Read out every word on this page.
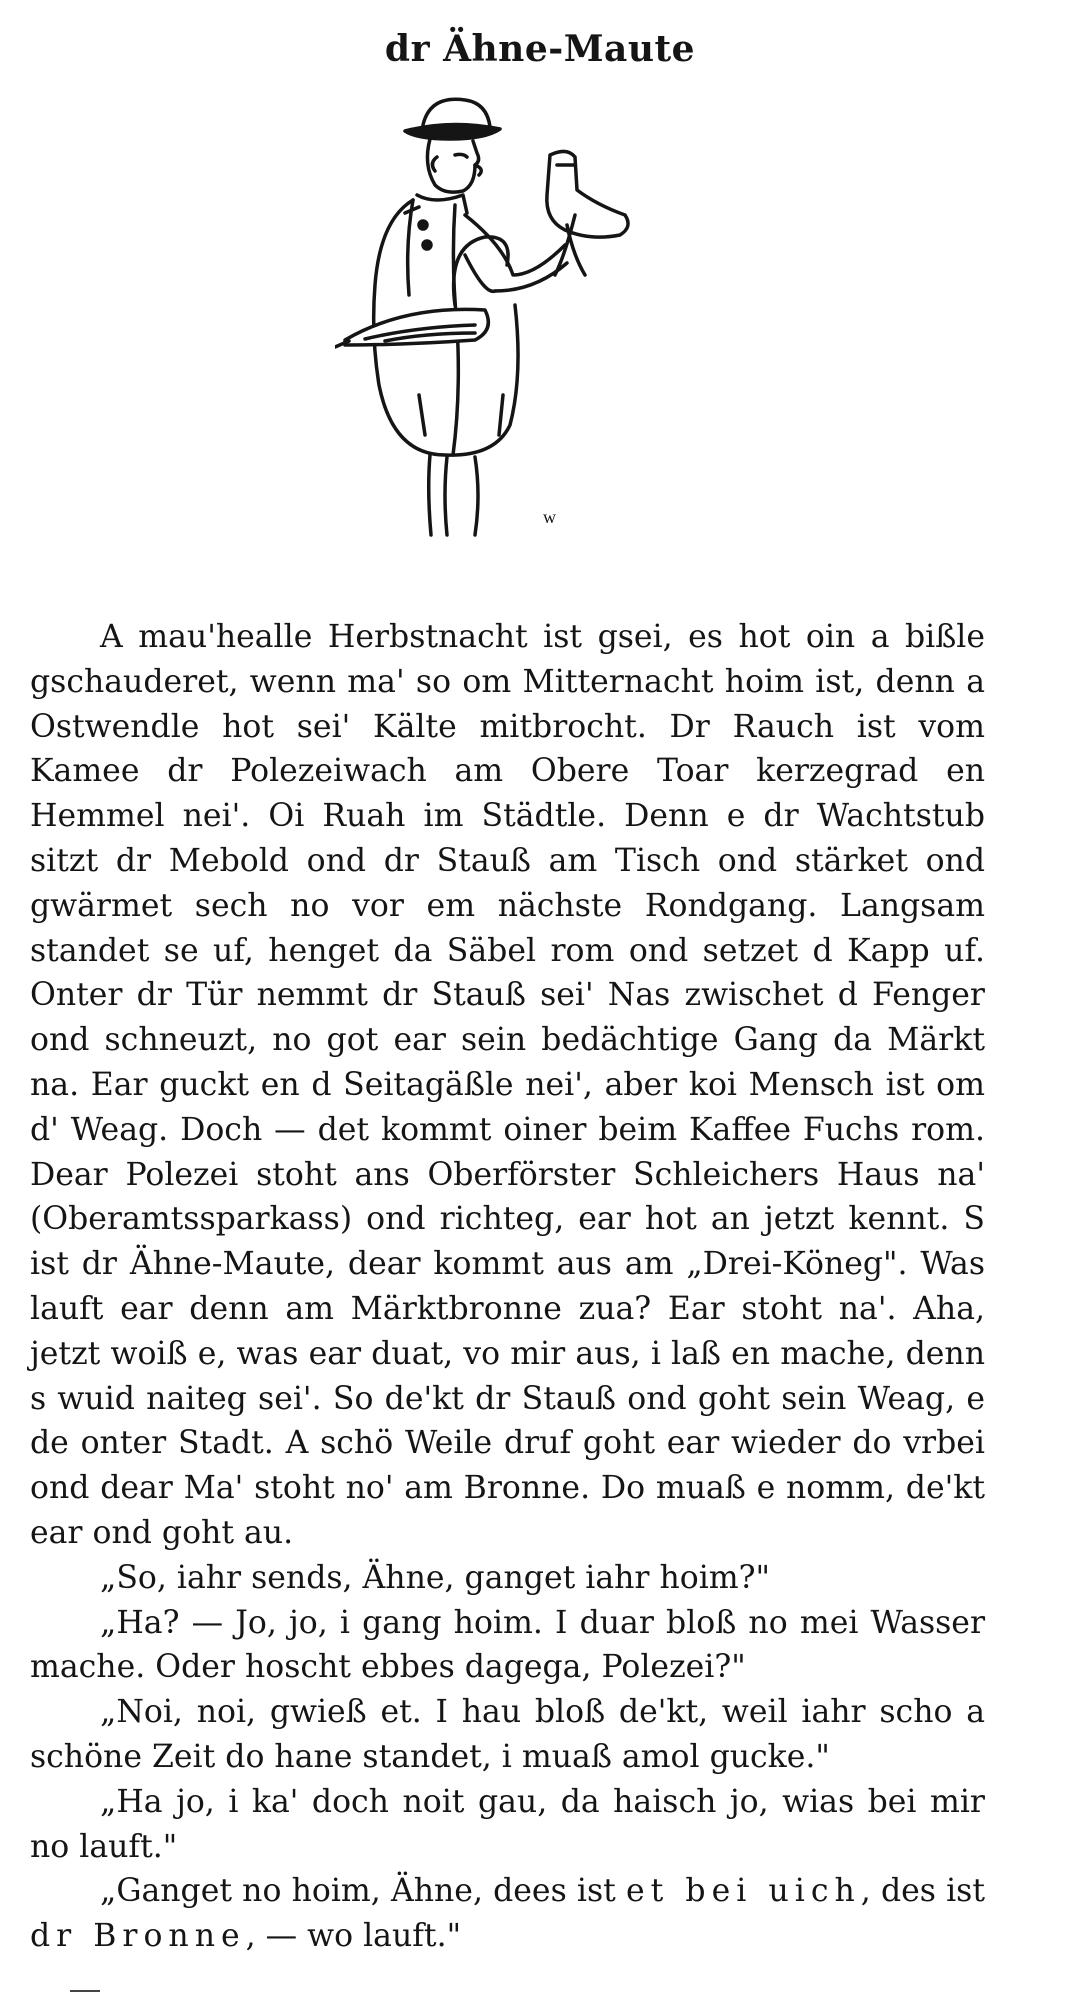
dr Ähne-Maute
w

A mau'healle Herbstnacht ist gsei, es hot oin a bißle gschauderet, wenn ma' so om Mitternacht hoim ist, denn a Ostwendle hot sei' Kälte mitbrocht. Dr Rauch ist vom Kamee dr Polezeiwach am Obere Toar kerzegrad en Hemmel nei'. Oi Ruah im Städtle. Denn e dr Wachtstub sitzt dr Mebold ond dr Stauß am Tisch ond stärket ond gwärmet sech no vor em nächste Rondgang. Langsam standet se uf, henget da Säbel rom ond setzet d Kapp uf. Onter dr Tür nemmt dr Stauß sei' Nas zwischet d Fenger ond schneuzt, no got ear sein bedächtige Gang da Märkt na. Ear guckt en d Seitagäßle nei', aber koi Mensch ist om d' Weag. Doch — det kommt oiner beim Kaffee Fuchs rom. Dear Polezei stoht ans Oberförster Schleichers Haus na' (Oberamtssparkass) ond richteg, ear hot an jetzt kennt. S ist dr Ähne-Maute, dear kommt aus am „Drei-Köneg". Was lauft ear denn am Märktbronne zua? Ear stoht na'. Aha, jetzt woiß e, was ear duat, vo mir aus, i laß en mache, denn s wuid naiteg sei'. So de'kt dr Stauß ond goht sein Weag, e de onter Stadt. A schö Weile druf goht ear wieder do vrbei ond dear Ma' stoht no' am Bronne. Do muaß e nomm, de'kt ear ond goht au.

„So, iahr sends, Ähne, ganget iahr hoim?"

„Ha? — Jo, jo, i gang hoim. I duar bloß no mei Wasser mache. Oder hoscht ebbes dagega, Polezei?"

„Noi, noi, gwieß et. I hau bloß de'kt, weil iahr scho a schöne Zeit do hane standet, i muaß amol gucke."

„Ha jo, i ka' doch noit gau, da haisch jo, wias bei mir no lauft."

„Ganget no hoim, Ähne, dees ist et bei uich, des ist dr Bronne, — wo lauft."
